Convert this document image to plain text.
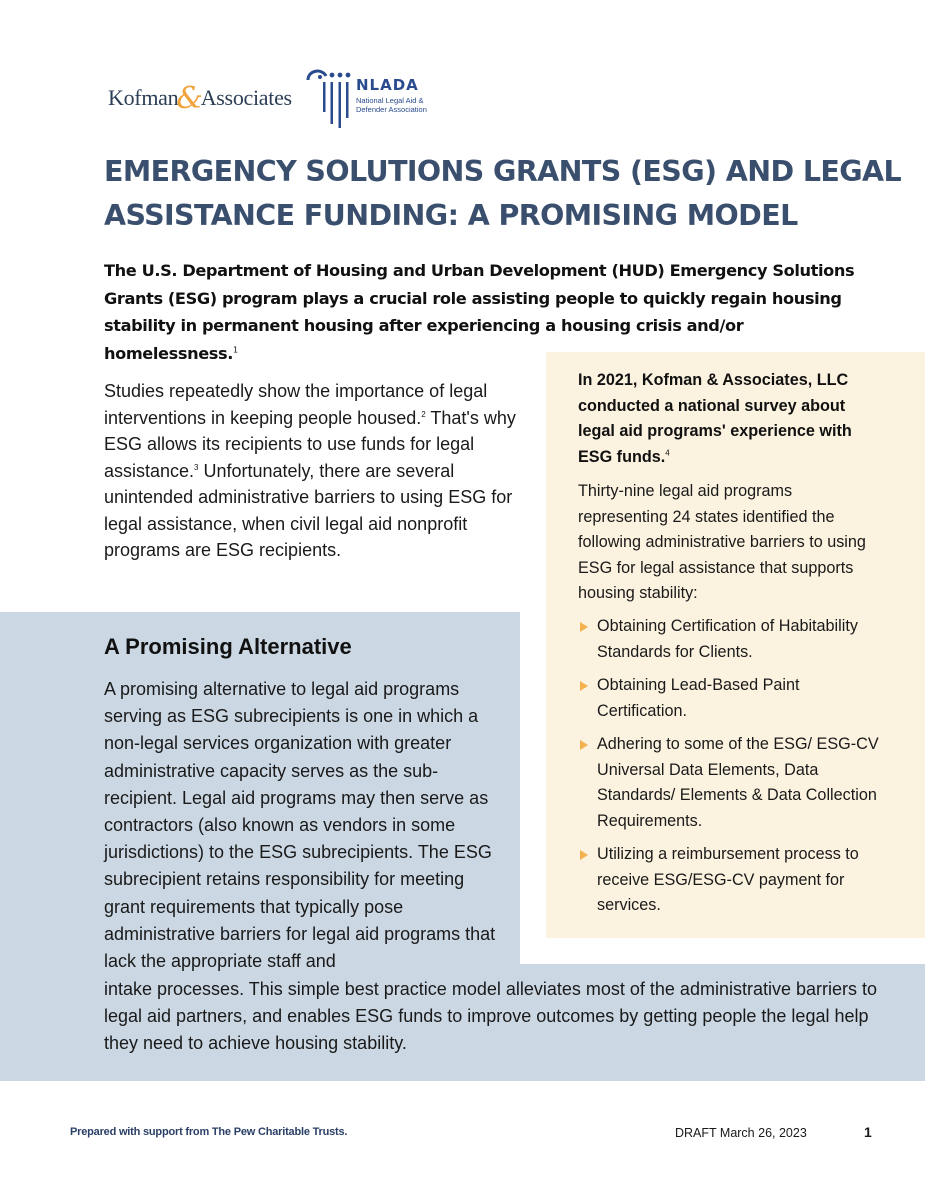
Kofman&Associates	NLADA
National Legal Aid & Defender Association
EMERGENCY SOLUTIONS GRANTS (ESG) AND LEGAL ASSISTANCE FUNDING: A PROMISING MODEL

The U.S. Department of Housing and Urban Development (HUD) Emergency Solutions Grants (ESG) program plays a crucial role assisting people to quickly regain housing stability in permanent housing after experiencing a housing crisis and/or homelessness.$^1$

Studies repeatedly show the importance of legal interventions in keeping people housed.$^2$ That's why ESG allows its recipients to use funds for legal assistance.$^3$ Unfortunately, there are several unintended administrative barriers to using ESG for legal assistance, when civil legal aid nonprofit programs are ESG recipients.

A Promising Alternative

A promising alternative to legal aid programs serving as ESG subrecipients is one in which a non-legal services organization with greater administrative capacity serves as the sub-recipient. Legal aid programs may then serve as contractors (also known as vendors in some jurisdictions) to the ESG subrecipients. The ESG subrecipient retains responsibility for meeting grant requirements that typically pose administrative barriers for legal aid programs that lack the appropriate staff and

intake processes. This simple best practice model alleviates most of the administrative barriers to legal aid partners, and enables ESG funds to improve outcomes by getting people the legal help they need to achieve housing stability.

In 2021, Kofman & Associates, LLC conducted a national survey about legal aid programs' experience with ESG funds.$^4$

Thirty-nine legal aid programs representing 24 states identified the following administrative barriers to using ESG for legal assistance that supports housing stability:

Obtaining Certification of Habitability Standards for Clients.
Obtaining Lead-Based Paint Certification.
Adhering to some of the ESG/ ESG-CV Universal Data Elements, Data Standards/ Elements & Data Collection Requirements.
Utilizing a reimbursement process to receive ESG/ESG-CV payment for services.
Prepared with support from The Pew Charitable Trusts.	DRAFT March 26, 2023	1
